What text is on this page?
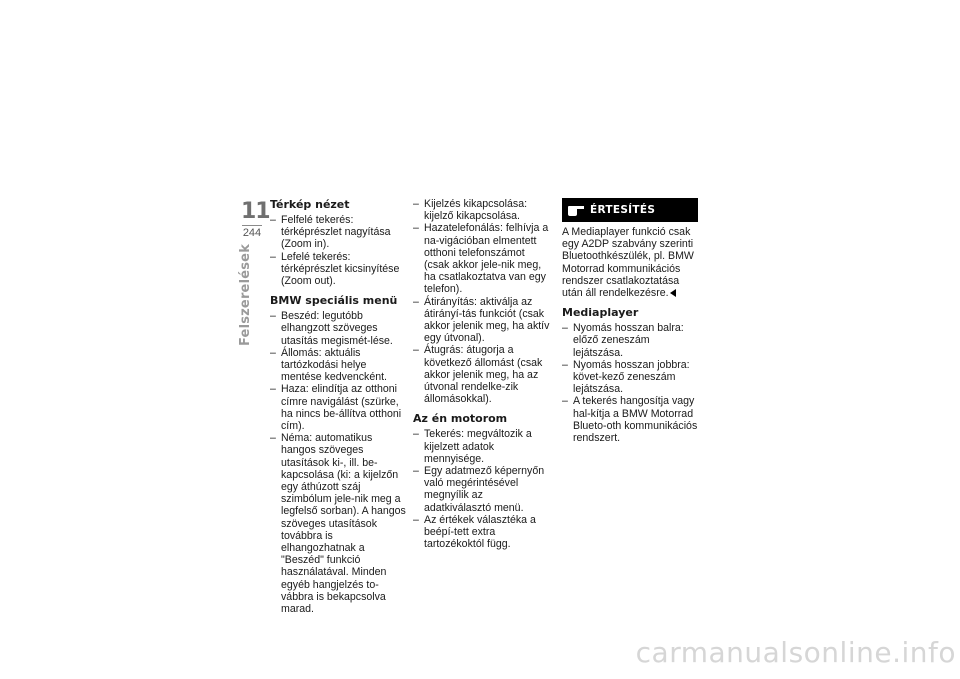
11
244
Felszerelések
Térkép nézet
– Felfelé tekerés: térképrészlet nagyítása (Zoom in).
– Lefelé tekerés: térképrészlet kicsinyítése (Zoom out).
BMW speciális menü
– Beszéd: legutóbb elhangzott szöveges utasítás megismét-lése.
– Állomás: aktuális tartózkodási helye mentése kedvencként.
– Haza: elindítja az otthoni címre navigálást (szürke, ha nincs be-állítva otthoni cím).
– Néma: automatikus hangos szöveges utasítások ki-, ill. be-kapcsolása (ki: a kijelzőn egy áthúzott száj szimbólum jele-nik meg a legfelső sorban). A hangos szöveges utasítások továbbra is elhangozhatnak a "Beszéd" funkció használatával. Minden egyéb hangjelzés to-vábbra is bekapcsolva marad.
– Kijelzés kikapcsolása: kijelző kikapcsolása.
– Hazatelefonálás: felhívja a na-vigációban elmentett otthoni telefonszámot (csak akkor jele-nik meg, ha csatlakoztatva van egy telefon).
– Átirányítás: aktiválja az átirányí-tás funkciót (csak akkor jelenik meg, ha aktív egy útvonal).
– Átugrás: átugorja a következő állomást (csak akkor jelenik meg, ha az útvonal rendelke-zik állomásokkal).
Az én motorom
– Tekerés: megváltozik a kijelzett adatok mennyisége.
– Egy adatmező képernyőn való megérintésével megnyílik az adatkiválasztó menü.
– Az értékek választéka a beépí-tett extra tartozékoktól függ.
ÉRTESÍTÉS

A Mediaplayer funkció csak egy A2DP szabvány szerinti Bluetoothkészülék, pl. BMW Motorrad kommunikációs rendszer csatlakoztatása után áll rendelkezésre.

Mediaplayer
– Nyomás hosszan balra: előző zeneszám lejátszása.
– Nyomás hosszan jobbra: követ-kező zeneszám lejátszása.
– A tekerés hangosítja vagy hal-kítja a BMW Motorrad Blueto-oth kommunikációs rendszert.
carmanualsonline.info
